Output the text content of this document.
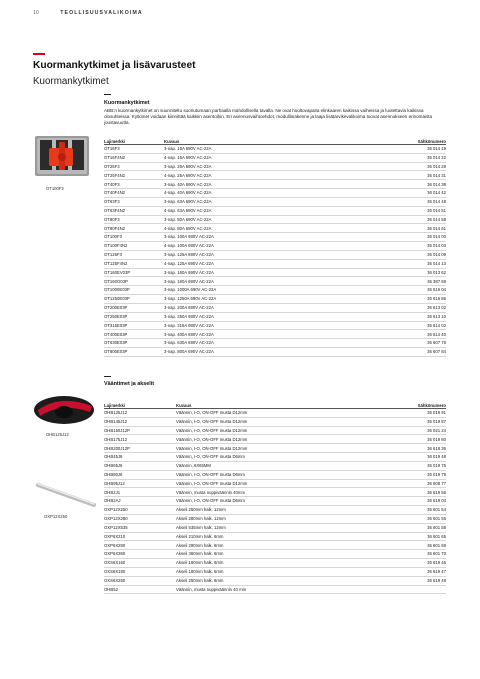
10	TEOLLISUUSVALIKOIMA
Kuormankytkimet ja lisävarusteet
Kuormankytkimet
Kuormankytkimet
ABB:n kuormankytkimet on suunniteltu suoriutumaan parhaalla mahdollisella tavalla. Ne ovat huoltovapaita elinkaaren kaikissa vaiheissa ja luotettavia kaikissa olosuhteissa. Kytkimet voidaan kiinnittää kaikkiin asentoihin. Eri asennusvaihtoehdot, modulilinakenne ja laaja lisätarvikevalikoima tuovat asennukseen erinomaista joustavuutta.
OT100F3
Lajimerkki	Kuvaus	Sähkönumero
OT16F3	3-nap. 16A 690V AC-22A	36 014 19
OT16F4N2	4-nap. 16A 690V AC-22A	36 014 22
OT25F3	3-nap. 25A 690V AC-22A	36 014 28
OT25F4N2	4-nap. 25A 690V AC-22A	36 014 31
OT40F3	3-nap. 40A 690V AC-22A	36 014 38
OT40F4N2	4-nap. 40A 690V AC-22A	36 014 42
OT63F3	3-nap. 63A 690V AC-22A	36 014 48
OT63F4N2	4-nap. 63A 690V AC-22A	36 014 51
OT80F3	3-nap. 80A 690V AC-22A	36 014 58
OT80F4N2	4-nap. 80A 690V AC-22A	36 014 61
OT100F3	3-nap. 100A 690V AC-22A	36 014 00
OT100F4N2	4-nap. 100A 690V AC-22A	36 014 03
OT125F3	3-nap. 125A 690V AC-22A	36 014 09
OT125F4N2	4-nap. 125A 690V AC-22A	36 014 13
OT160EV03P	3-nap. 160A 690V AC-22A	36 013 62
OT160G03P	3-nap. 160A 690V AC-22A	36 387 69
OT1000E03P	3-nap. 1000A 690V AC-22A	36 616 04
OT1250E03P	3-nap. 1250A 690V AC-22A	36 616 86
OT200E03P	3-nap. 200A 690V AC-22A	36 613 02
OT250E03P	3-nap. 250A 690V AC-22A	36 613 10
OT315E03P	3-nap. 315A 690V AC-22A	36 614 02
OT400E03P	3-nap. 400A 690V AC-22A	36 614 40
OT630E03P	3-nap. 630A 690V AC-22A	36 607 78
OT800E03P	3-nap. 800A 690V AC-22A	36 607 84
Vääntimet ja akselit
OHB125J12
OXP12X250
Lajimerkki	Kuvaus	Sähkönumero
OHB125J12	Väännin, I-O, ON-OFF musta D12mm	36 019 91
OHB145J12	Väännin, I-O, ON-OFF musta D12mm	36 019 87
OHB150J12P	Väännin, I-O, ON-OFF musta D12mm	36 021 24
OHB175J12	Väännin, I-O, ON-OFF musta D12mm	36 019 80
OHB200J12P	Väännin, I-O, ON-OFF musta D12mm	36 618 36
OHB45J6	Väännin, I-O, ON-OFF musta D6mm	36 019 48
OHB65J6	Väännin, 6X65MM	36 019 75
OHB80J6	Väännin, I-O, ON-OFF musta D6mm	36 019 79
OHB95J12	Väännin, I-O, ON-OFF musta D12mm	36 608 77
OHB2J1	Väännin, musta nuppiväännin 40mm	36 619 56
OHB2AJ	Väännin, I-O, ON-OFF musta D6mm	36 619 04
OXP12X250	Akseli 250mm halk. 12mm	36 601 54
OXP12X280	Akseli 280mm halk. 12mm	36 601 55
OXP12X535	Akseli 535mm halk. 12mm	36 601 58
OXP6X210	Akseli 210mm halk. 6mm	36 601 65
OXP6X290	Akseli 290mm halk. 6mm	36 601 69
OXP6X360	Akseli 360mm halk. 6mm	36 601 70
OXS6X160	Akseli 160mm halk. 6mm	36 619 46
OXS6X180	Akseli 180mm halk. 6mm	36 619 47
OXS6X250	Akseli 250mm halk. 6mm	36 619 48
OHB52	Väännin, musta nuppiväännin 40 mm	
